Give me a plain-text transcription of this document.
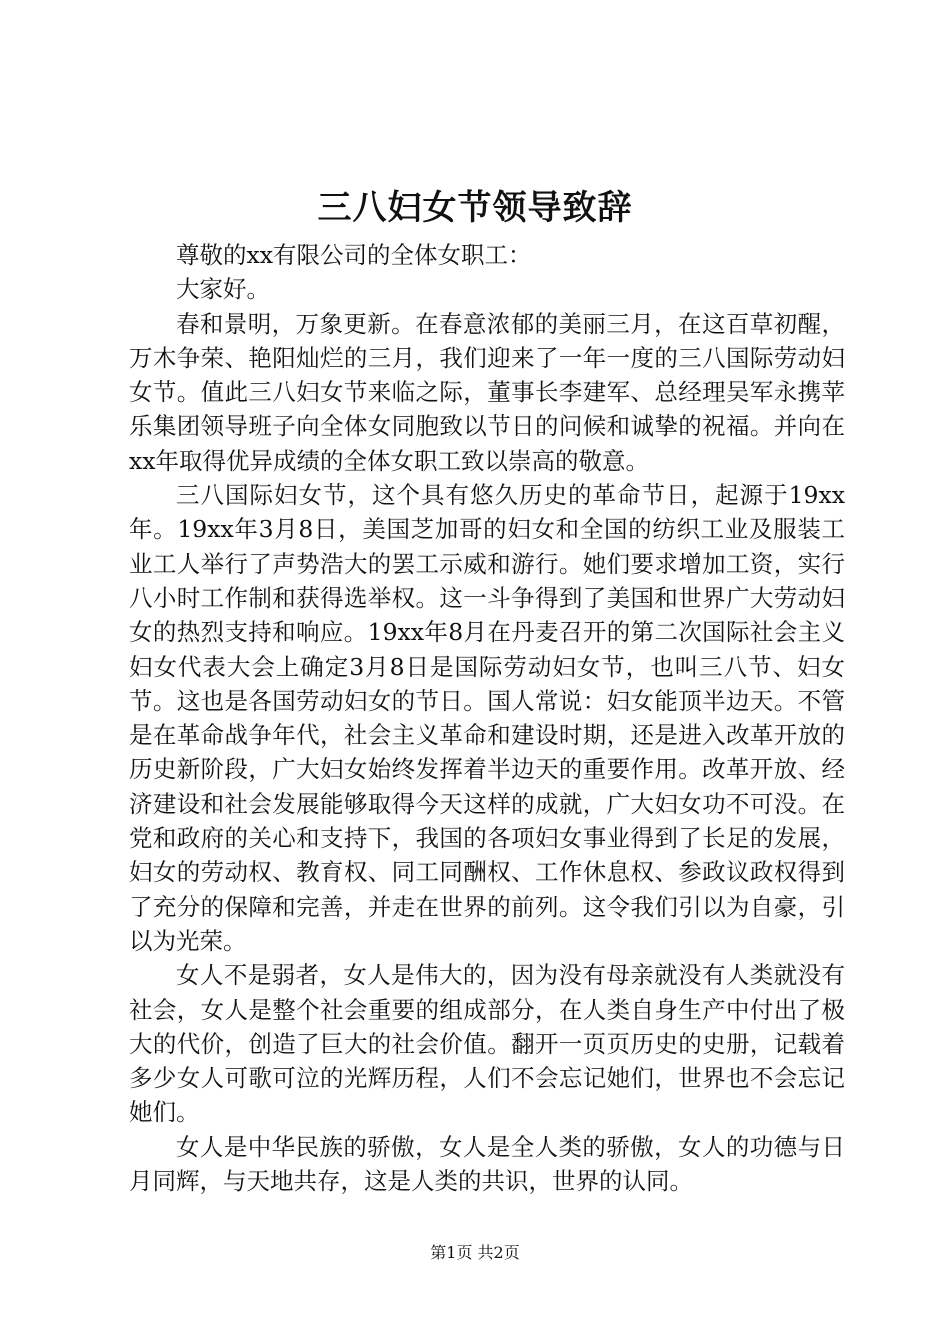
三八妇女节领导致辞

尊敬的xx有限公司的全体女职工：

大家好。

春和景明，万象更新。在春意浓郁的美丽三月，在这百草初醒，万木争荣、艳阳灿烂的三月，我们迎来了一年一度的三八国际劳动妇女节。值此三八妇女节来临之际，董事长李建军、总经理吴军永携苹乐集团领导班子向全体女同胞致以节日的问候和诚挚的祝福。并向在xx年取得优异成绩的全体女职工致以崇高的敬意。

三八国际妇女节，这个具有悠久历史的革命节日，起源于19xx年。19xx年3月8日，美国芝加哥的妇女和全国的纺织工业及服装工业工人举行了声势浩大的罢工示威和游行。她们要求增加工资，实行八小时工作制和获得选举权。这一斗争得到了美国和世界广大劳动妇女的热烈支持和响应。19xx年8月在丹麦召开的第二次国际社会主义妇女代表大会上确定3月8日是国际劳动妇女节，也叫三八节、妇女节。这也是各国劳动妇女的节日。国人常说：妇女能顶半边天。不管是在革命战争年代，社会主义革命和建设时期，还是进入改革开放的历史新阶段，广大妇女始终发挥着半边天的重要作用。改革开放、经济建设和社会发展能够取得今天这样的成就，广大妇女功不可没。在党和政府的关心和支持下，我国的各项妇女事业得到了长足的发展，妇女的劳动权、教育权、同工同酬权、工作休息权、参政议政权得到了充分的保障和完善，并走在世界的前列。这令我们引以为自豪，引以为光荣。

女人不是弱者，女人是伟大的，因为没有母亲就没有人类就没有社会，女人是整个社会重要的组成部分，在人类自身生产中付出了极大的代价，创造了巨大的社会价值。翻开一页页历史的史册，记载着多少女人可歌可泣的光辉历程，人们不会忘记她们，世界也不会忘记她们。

女人是中华民族的骄傲，女人是全人类的骄傲，女人的功德与日月同辉，与天地共存，这是人类的共识，世界的认同。

第1页 共2页
